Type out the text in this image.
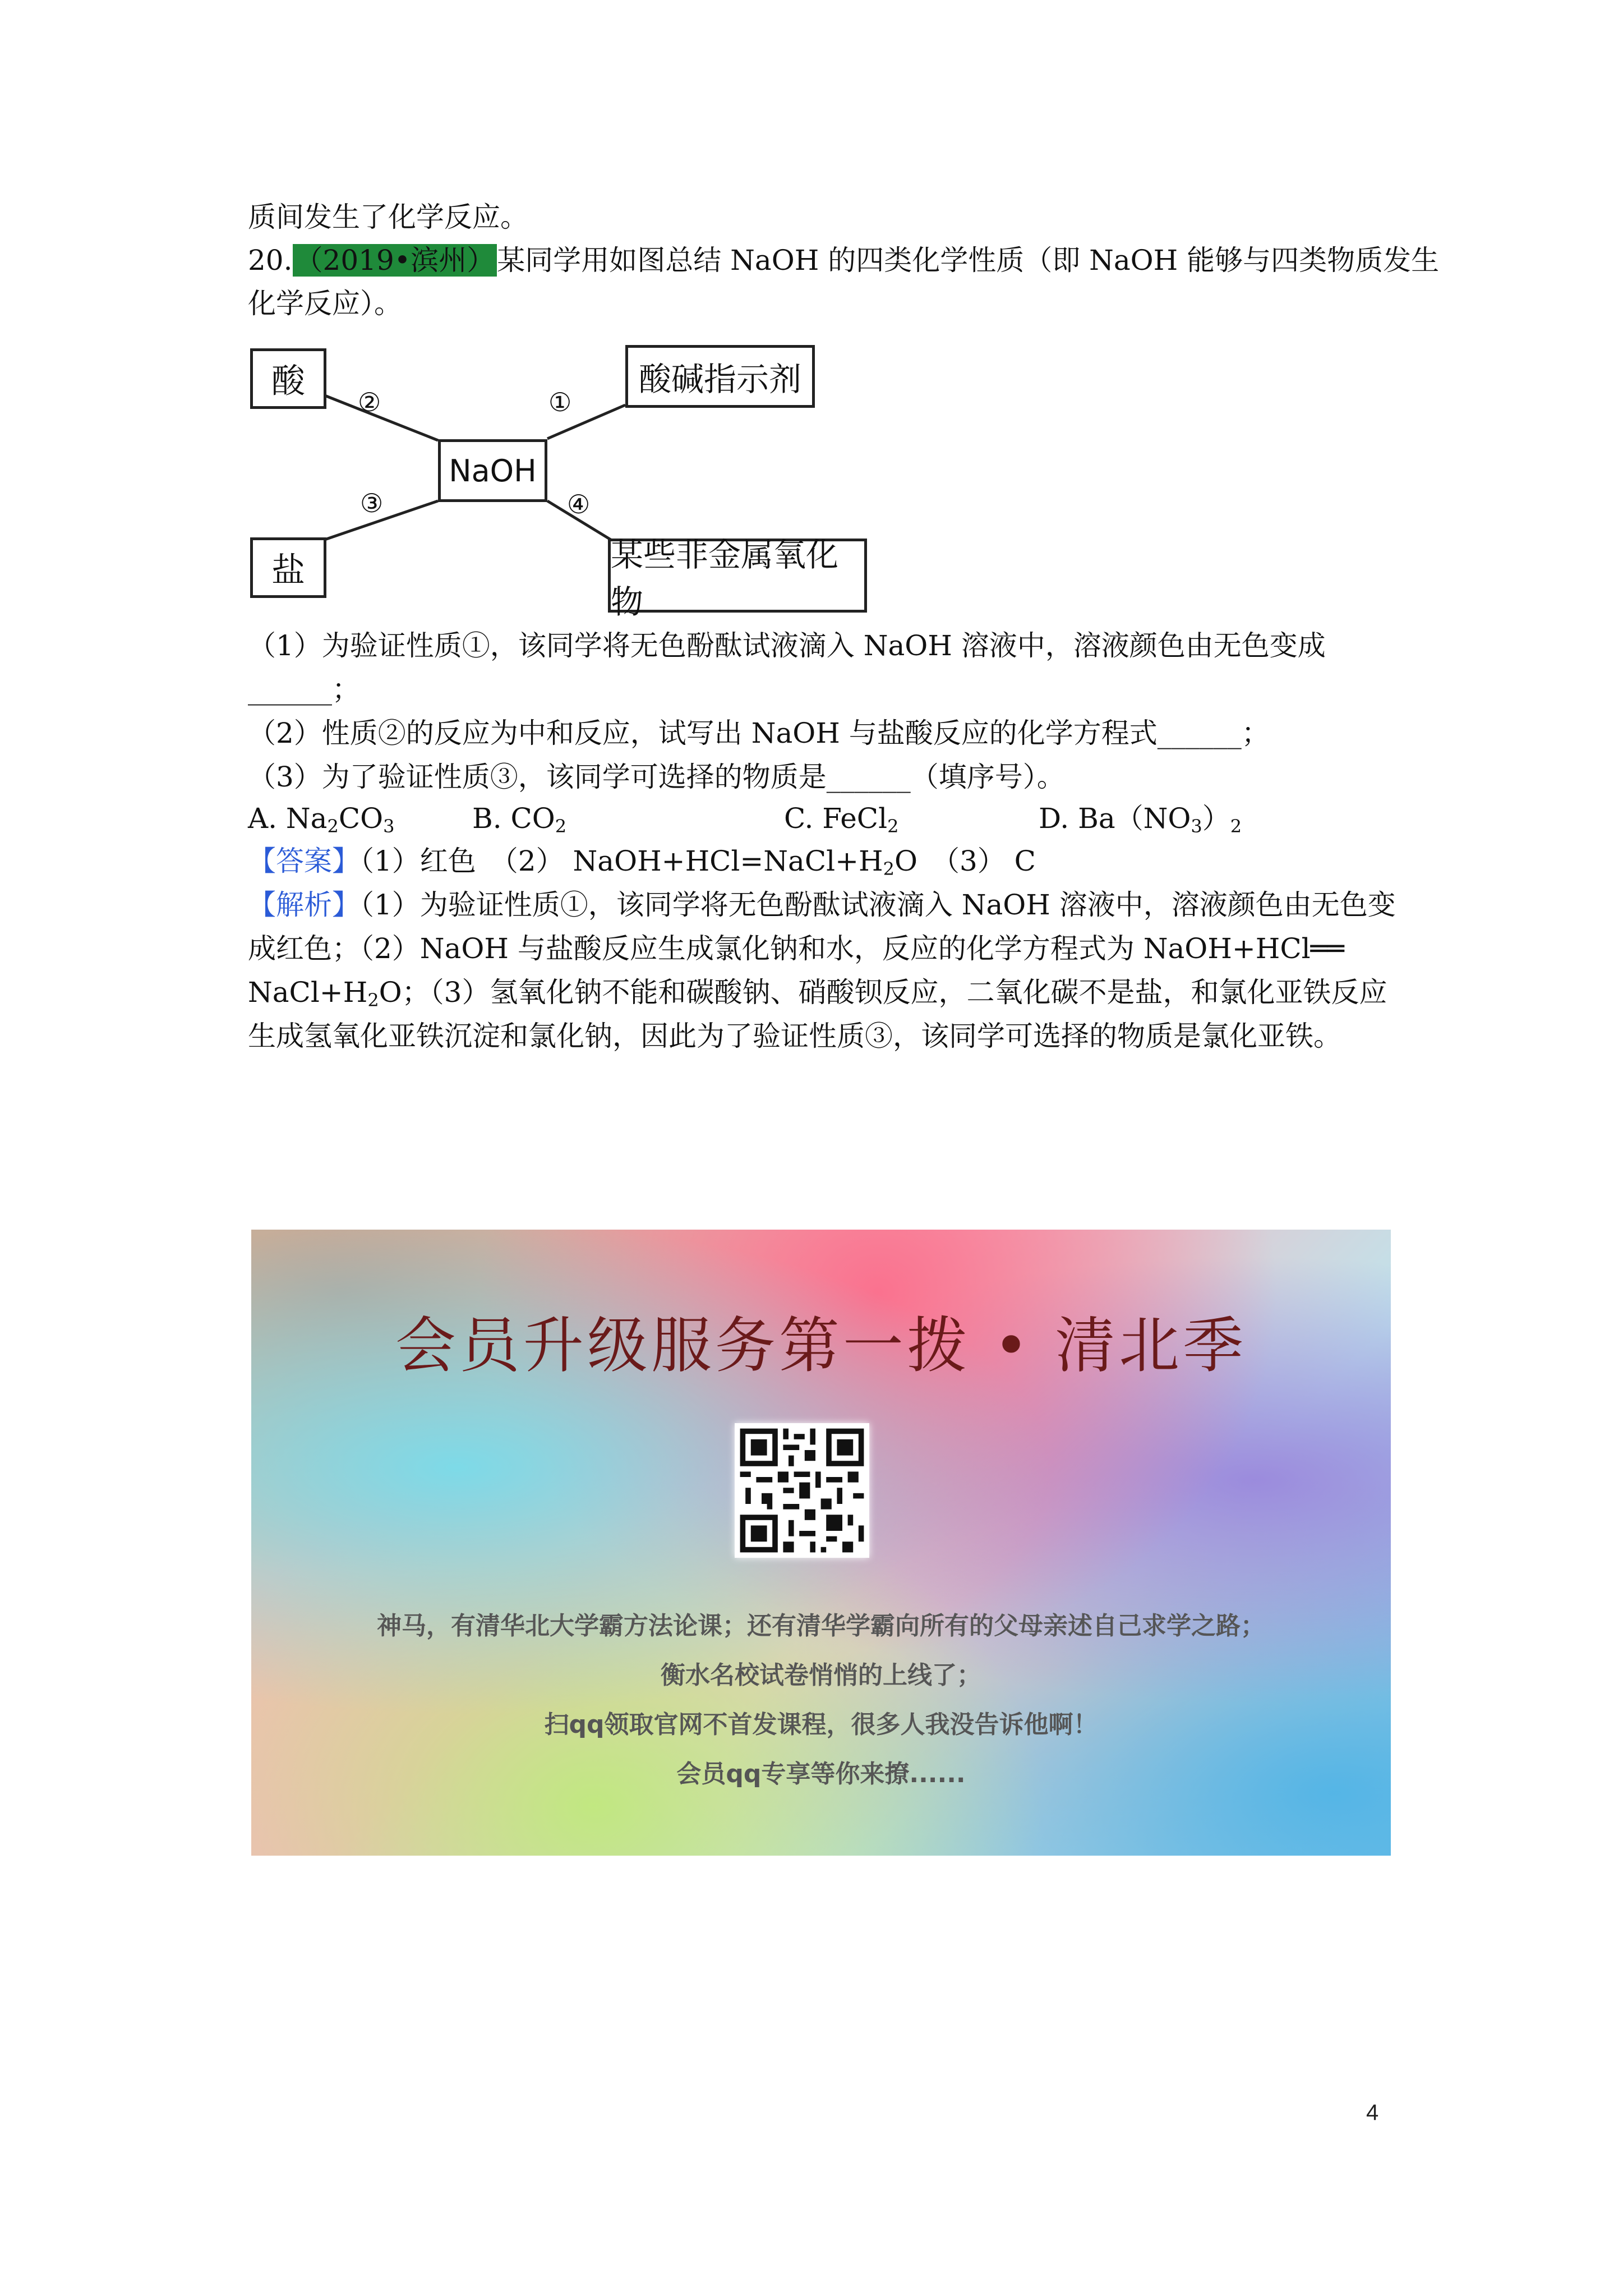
质间发生了化学反应。
20.（2019•滨州）某同学用如图总结 NaOH 的四类化学性质（即 NaOH 能够与四类物质发生
化学反应）。
酸	酸碱指示剂
NaOH
盐	某些非金属氧化物
①
②
③	④
（1）为验证性质①，该同学将无色酚酞试液滴入 NaOH 溶液中，溶液颜色由无色变成
______；
（2）性质②的反应为中和反应，试写出 NaOH 与盐酸反应的化学方程式______；
（3）为了验证性质③，该同学可选择的物质是______（填序号）。
A. $Na_2CO_3$	B. $CO_2$	C. FeCl$_2$	D. $Ba(NO_3)_2$
【答案】（1）红色　（2） $NaOH+HCl=NaCl+H_2O$　（3） C
【解析】（1）为验证性质①，该同学将无色酚酞试液滴入 NaOH 溶液中，溶液颜色由无色变
成红色；（2）NaOH 与盐酸反应生成氯化钠和水，反应的化学方程式为 NaOH+HCl══
$NaCl+H_2O$；（3）氢氧化钠不能和碳酸钠、硝酸钡反应，二氧化碳不是盐，和氯化亚铁反应
生成氢氧化亚铁沉淀和氯化钠，因此为了验证性质③，该同学可选择的物质是氯化亚铁。
会员升级服务第一拨 • 清北季
神马，有清华北大学霸方法论课；还有清华学霸向所有的父母亲述自己求学之路；
衡水名校试卷悄悄的上线了；
扫qq领取官网不首发课程，很多人我没告诉他啊！
会员qq专享等你来撩......
4
